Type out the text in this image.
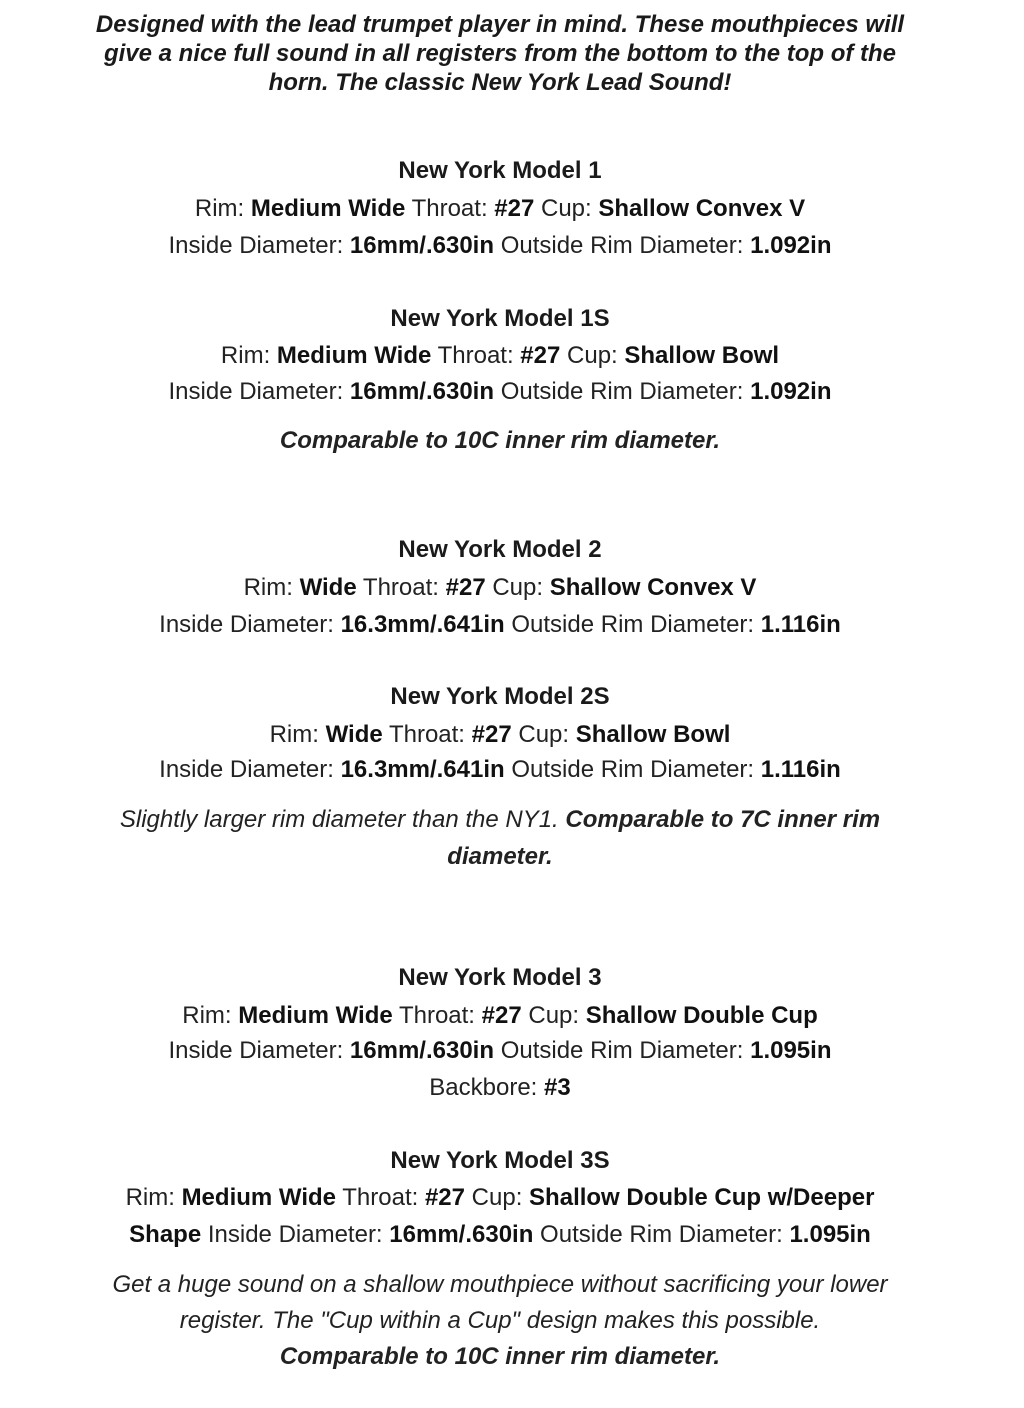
Designed with the lead trumpet player in mind. These mouthpieces will give a nice full sound in all registers from the bottom to the top of the horn. The classic New York Lead Sound!
New York Model 1
Rim: Medium Wide Throat: #27 Cup: Shallow Convex V
Inside Diameter: 16mm/.630in Outside Rim Diameter: 1.092in
New York Model 1S
Rim: Medium Wide Throat: #27 Cup: Shallow Bowl
Inside Diameter: 16mm/.630in Outside Rim Diameter: 1.092in
Comparable to 10C inner rim diameter.
New York Model 2
Rim: Wide Throat: #27 Cup: Shallow Convex V
Inside Diameter: 16.3mm/.641in Outside Rim Diameter: 1.116in
New York Model 2S
Rim: Wide Throat: #27 Cup: Shallow Bowl
Inside Diameter: 16.3mm/.641in Outside Rim Diameter: 1.116in
Slightly larger rim diameter than the NY1. Comparable to 7C inner rim diameter.
New York Model 3
Rim: Medium Wide Throat: #27 Cup: Shallow Double Cup
Inside Diameter: 16mm/.630in Outside Rim Diameter: 1.095in
Backbore: #3
New York Model 3S
Rim: Medium Wide Throat: #27 Cup: Shallow Double Cup w/Deeper
Shape Inside Diameter: 16mm/.630in Outside Rim Diameter: 1.095in
Get a huge sound on a shallow mouthpiece without sacrificing your lower register. The "Cup within a Cup" design makes this possible.
Comparable to 10C inner rim diameter.
